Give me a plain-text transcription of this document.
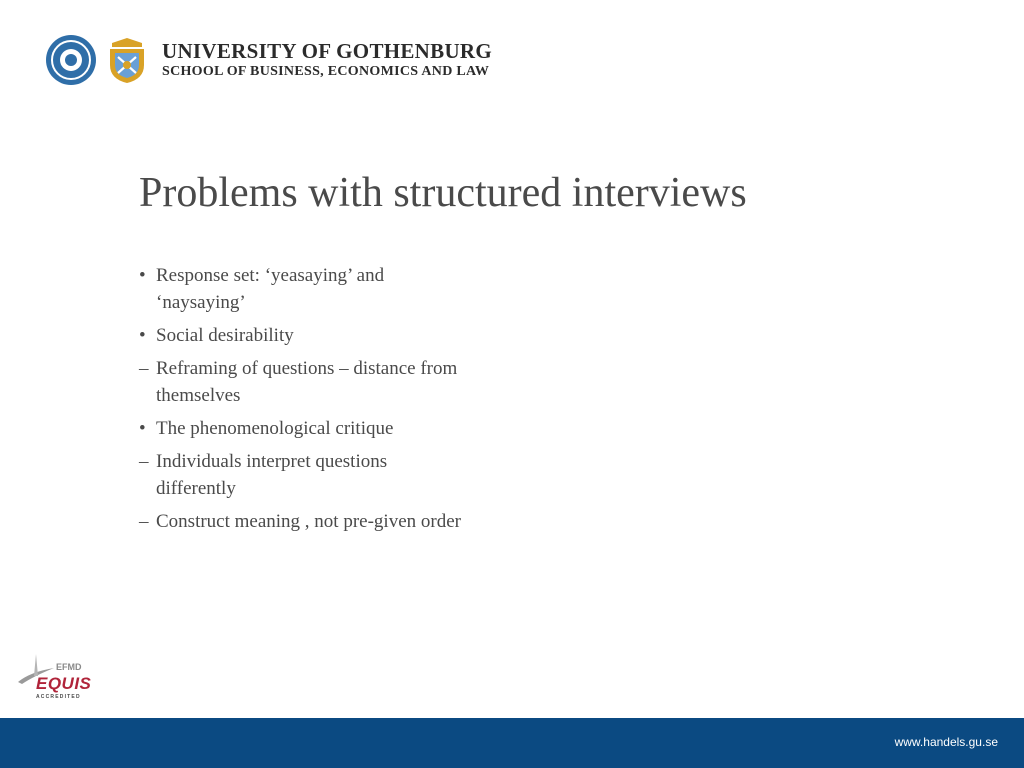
UNIVERSITY OF GOTHENBURG
SCHOOL OF BUSINESS, ECONOMICS AND LAW
Problems with structured interviews
• Response set: ‘yeasaying’ and ‘naysaying’
• Social desirability
– Reframing of questions – distance from themselves
• The phenomenological critique
– Individuals interpret questions differently
– Construct meaning , not pre-given order
EFMD
EQUIS
ACCREDITED
www.handels.gu.se
